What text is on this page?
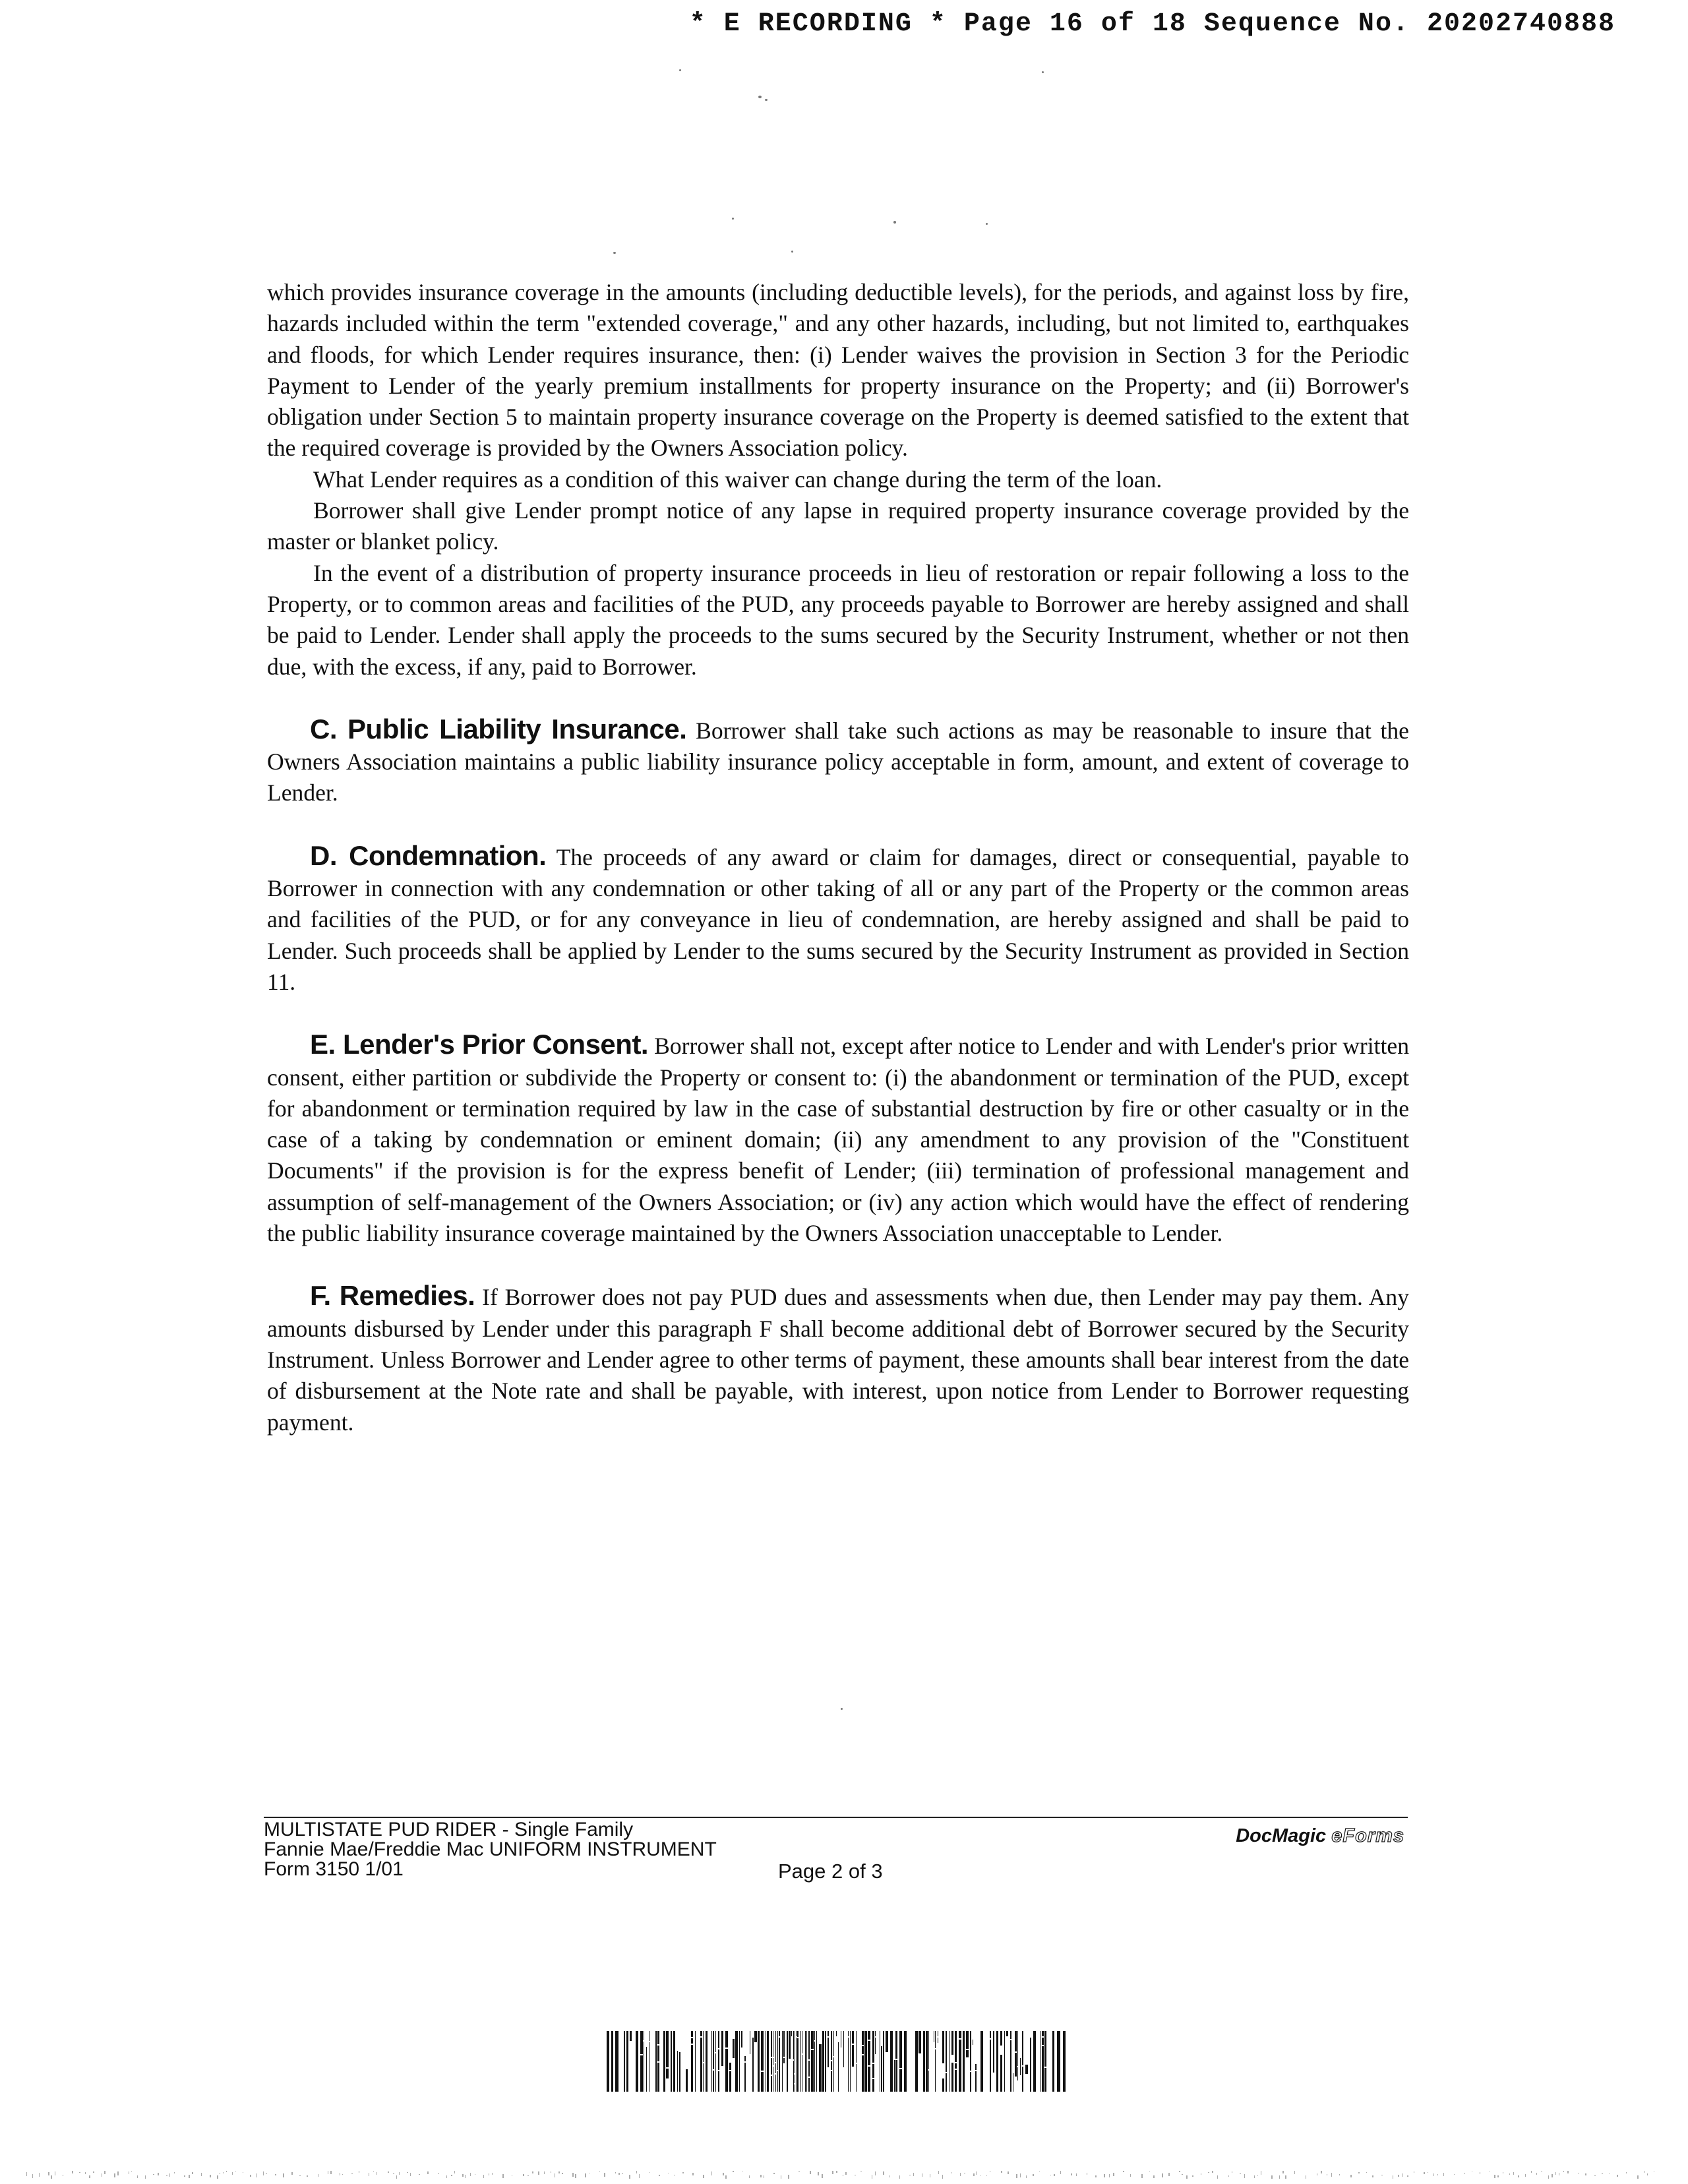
* E RECORDING * Page 16 of 18 Sequence No. 20202740888

which provides insurance coverage in the amounts (including deductible levels), for the periods, and against loss by fire, hazards included within the term "extended coverage," and any other hazards, including, but not limited to, earthquakes and floods, for which Lender requires insurance, then: (i) Lender waives the provision in Section 3 for the Periodic Payment to Lender of the yearly premium installments for property insurance on the Property; and (ii) Borrower's obligation under Section 5 to maintain property insurance coverage on the Property is deemed satisfied to the extent that the required coverage is provided by the Owners Association policy.

What Lender requires as a condition of this waiver can change during the term of the loan.

Borrower shall give Lender prompt notice of any lapse in required property insurance coverage provided by the master or blanket policy.

In the event of a distribution of property insurance proceeds in lieu of restoration or repair following a loss to the Property, or to common areas and facilities of the PUD, any proceeds payable to Borrower are hereby assigned and shall be paid to Lender. Lender shall apply the proceeds to the sums secured by the Security Instrument, whether or not then due, with the excess, if any, paid to Borrower.

C. Public Liability Insurance. Borrower shall take such actions as may be reasonable to insure that the Owners Association maintains a public liability insurance policy acceptable in form, amount, and extent of coverage to Lender.

D. Condemnation. The proceeds of any award or claim for damages, direct or consequential, payable to Borrower in connection with any condemnation or other taking of all or any part of the Property or the common areas and facilities of the PUD, or for any conveyance in lieu of condemnation, are hereby assigned and shall be paid to Lender. Such proceeds shall be applied by Lender to the sums secured by the Security Instrument as provided in Section 11.

E. Lender's Prior Consent. Borrower shall not, except after notice to Lender and with Lender's prior written consent, either partition or subdivide the Property or consent to: (i) the abandonment or termination of the PUD, except for abandonment or termination required by law in the case of substantial destruction by fire or other casualty or in the case of a taking by condemnation or eminent domain; (ii) any amendment to any provision of the "Constituent Documents" if the provision is for the express benefit of Lender; (iii) termination of professional management and assumption of self-management of the Owners Association; or (iv) any action which would have the effect of rendering the public liability insurance coverage maintained by the Owners Association unacceptable to Lender.

F. Remedies. If Borrower does not pay PUD dues and assessments when due, then Lender may pay them. Any amounts disbursed by Lender under this paragraph F shall become additional debt of Borrower secured by the Security Instrument. Unless Borrower and Lender agree to other terms of payment, these amounts shall bear interest from the date of disbursement at the Note rate and shall be payable, with interest, upon notice from Lender to Borrower requesting payment.

MULTISTATE PUD RIDER - Single Family
Fannie Mae/Freddie Mac UNIFORM INSTRUMENT
Form 3150 1/01	Page 2 of 3
DocMagic eForms
